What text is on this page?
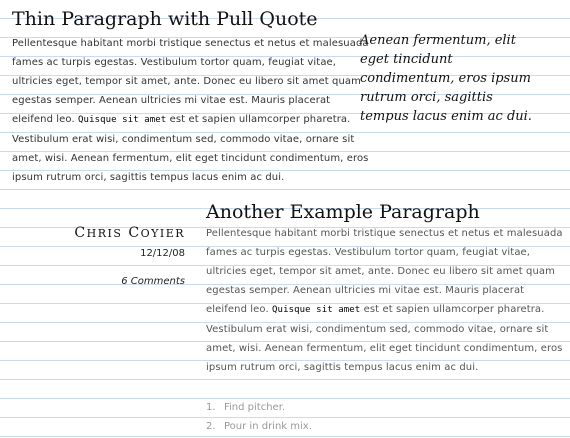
Thin Paragraph with Pull Quote
Pellentesque habitant morbi tristique senectus et netus et malesuada
fames ac turpis egestas. Vestibulum tortor quam, feugiat vitae,
ultricies eget, tempor sit amet, ante. Donec eu libero sit amet quam
egestas semper. Aenean ultricies mi vitae est. Mauris placerat
eleifend leo. Quisque sit amet est et sapien ullamcorper pharetra.
Vestibulum erat wisi, condimentum sed, commodo vitae, ornare sit
amet, wisi. Aenean fermentum, elit eget tincidunt condimentum, eros
ipsum rutrum orci, sagittis tempus lacus enim ac dui.
Aenean fermentum, elit
eget tincidunt
condimentum, eros ipsum
rutrum orci, sagittis
tempus lacus enim ac dui.
Another Example Paragraph
CHRIS COYIER
12/12/08
6 Comments
Pellentesque habitant morbi tristique senectus et netus et malesuada
fames ac turpis egestas. Vestibulum tortor quam, feugiat vitae,
ultricies eget, tempor sit amet, ante. Donec eu libero sit amet quam
egestas semper. Aenean ultricies mi vitae est. Mauris placerat
eleifend leo. Quisque sit amet est et sapien ullamcorper pharetra.
Vestibulum erat wisi, condimentum sed, commodo vitae, ornare sit
amet, wisi. Aenean fermentum, elit eget tincidunt condimentum, eros
ipsum rutrum orci, sagittis tempus lacus enim ac dui.
1. Find pitcher.
2. Pour in drink mix.
